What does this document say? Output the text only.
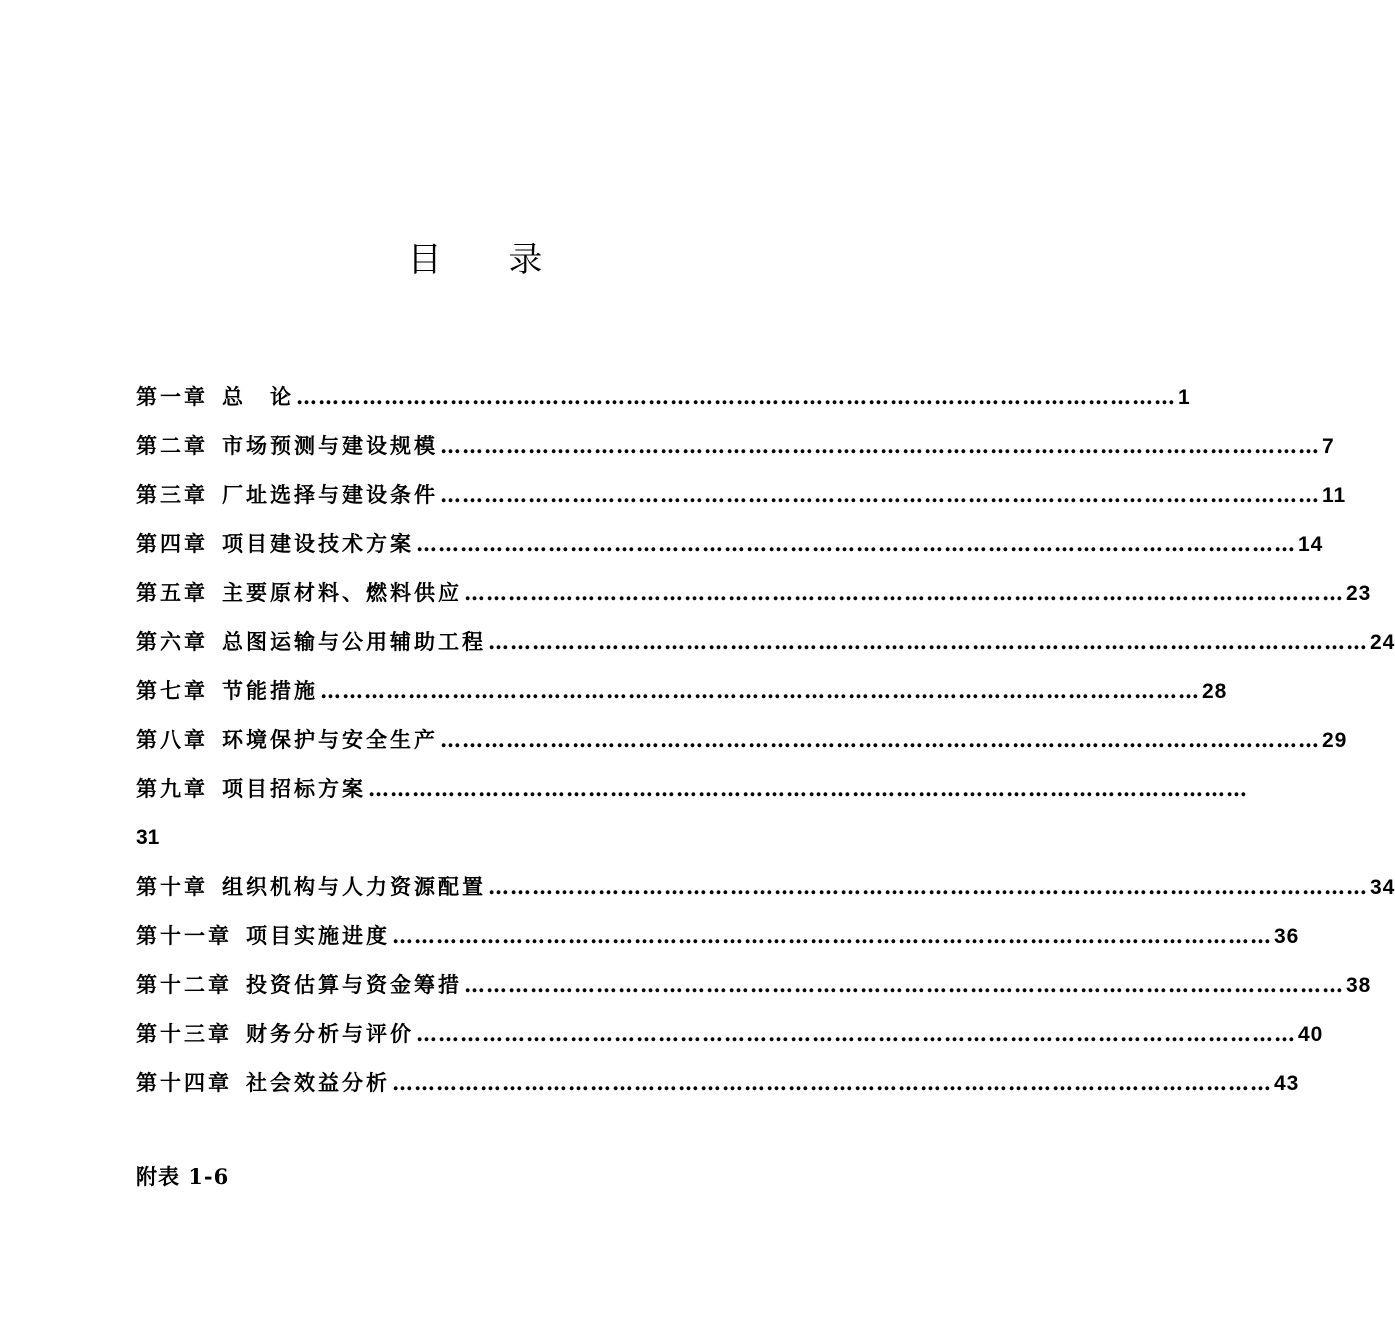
目 录
第一章 总　论 ………………………………………………………………………………………………………… 1
第二章 市场预测与建设规模 ………………………………………………………………………………………………………… 7
第三章 厂址选择与建设条件 ………………………………………………………………………………………………………… 11
第四章 项目建设技术方案 ………………………………………………………………………………………………………… 14
第五章 主要原材料、燃料供应 ………………………………………………………………………………………………………… 23
第六章 总图运输与公用辅助工程 ………………………………………………………………………………………………………… 24
第七章 节能措施 ………………………………………………………………………………………………………… 28
第八章 环境保护与安全生产 ………………………………………………………………………………………………………… 29
第九章 项目招标方案 …………………………………………………………………………………………………………
31
第十章 组织机构与人力资源配置 ………………………………………………………………………………………………………… 34
第十一章 项目实施进度 ………………………………………………………………………………………………………… 36
第十二章 投资估算与资金筹措 ………………………………………………………………………………………………………… 38
第十三章 财务分析与评价 ………………………………………………………………………………………………………… 40
第十四章 社会效益分析 ………………………………………………………………………………………………………… 43
附表 1-6
